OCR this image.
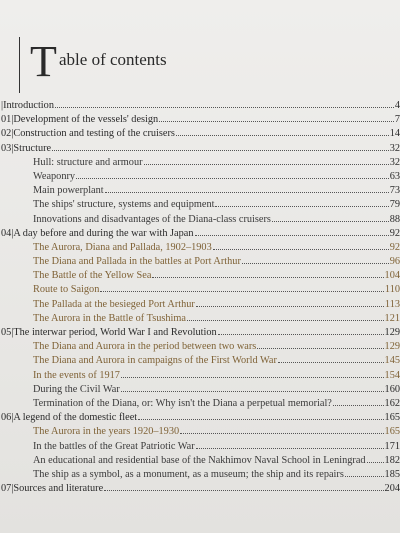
T able of contents
| Introduction	4
01 | Development of the vessels' design	7
02 | Construction and testing of the cruisers	14
03 | Structure	32
Hull: structure and armour	32
Weaponry	63
Main powerplant	73
The ships' structure, systems and equipment	79
Innovations and disadvantages of the Diana-class cruisers	88
04 | A day before and during the war with Japan	92
The Aurora, Diana and Pallada, 1902–1903	92
The Diana and Pallada in the battles at Port Arthur	96
The Battle of the Yellow Sea	104
Route to Saigon	110
The Pallada at the besieged Port Arthur	113
The Aurora in the Battle of Tsushima	121
05 | The interwar period, World War I and Revolution	129
The Diana and Aurora in the period between two wars	129
The Diana and Aurora in campaigns of the First World War	145
In the events of 1917	154
During the Civil War	160
Termination of the Diana, or: Why isn't the Diana a perpetual memorial?	162
06 | A legend of the domestic fleet	165
The Aurora in the years 1920–1930	165
In the battles of the Great Patriotic War	171
An educational and residential base of the Nakhimov Naval School in Leningrad 182
The ship as a symbol, as a monument, as a museum; the ship and its repairs	185
07 | Sources and literature	204
